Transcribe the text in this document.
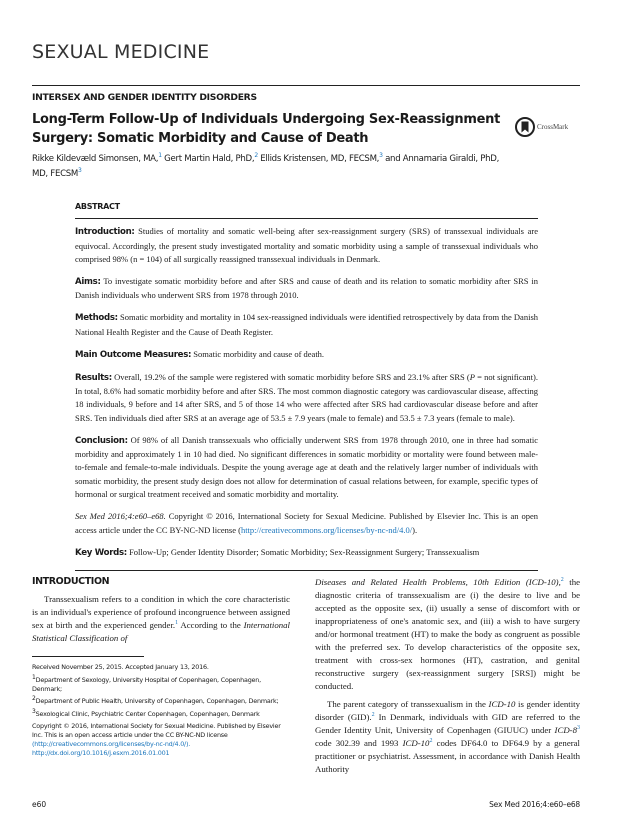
SEXUAL MEDICINE
INTERSEX AND GENDER IDENTITY DISORDERS
Long-Term Follow-Up of Individuals Undergoing Sex-Reassignment
Surgery: Somatic Morbidity and Cause of Death
CrossMark
Rikke Kildevæld Simonsen, MA,$^1$ Gert Martin Hald, PhD,$^2$ Ellids Kristensen, MD, FECSM,$^3$ and Annamaria Giraldi, PhD, MD, FECSM$^3$
ABSTRACT

Introduction: Studies of mortality and somatic well-being after sex-reassignment surgery (SRS) of transsexual individuals are equivocal. Accordingly, the present study investigated mortality and somatic morbidity using a sample of transsexual individuals who comprised 98% (n = 104) of all surgically reassigned transsexual individuals in Denmark.

Aims: To investigate somatic morbidity before and after SRS and cause of death and its relation to somatic morbidity after SRS in Danish individuals who underwent SRS from 1978 through 2010.

Methods: Somatic morbidity and mortality in 104 sex-reassigned individuals were identified retrospectively by data from the Danish National Health Register and the Cause of Death Register.

Main Outcome Measures: Somatic morbidity and cause of death.

Results: Overall, 19.2% of the sample were registered with somatic morbidity before SRS and 23.1% after SRS (P = not significant). In total, 8.6% had somatic morbidity before and after SRS. The most common diagnostic category was cardiovascular disease, affecting 18 individuals, 9 before and 14 after SRS, and 5 of those 14 who were affected after SRS had cardiovascular disease before and after SRS. Ten individuals died after SRS at an average age of 53.5 ± 7.9 years (male to female) and 53.5 ± 7.3 years (female to male).

Conclusion: Of 98% of all Danish transsexuals who officially underwent SRS from 1978 through 2010, one in three had somatic morbidity and approximately 1 in 10 had died. No significant differences in somatic morbidity or mortality were found between male-to-female and female-to-male individuals. Despite the young average age at death and the relatively larger number of individuals with somatic morbidity, the present study design does not allow for determination of casual relations between, for example, specific types of hormonal or surgical treatment received and somatic morbidity and mortality.

Sex Med 2016;4:e60–e68. Copyright © 2016, International Society for Sexual Medicine. Published by Elsevier Inc. This is an open access article under the CC BY-NC-ND license (http://creativecommons.org/licenses/by-nc-nd/4.0/).

Key Words: Follow-Up; Gender Identity Disorder; Somatic Morbidity; Sex-Reassignment Surgery; Transsexualism

INTRODUCTION

Transsexualism refers to a condition in which the core characteristic is an individual's experience of profound incongruence between assigned sex at birth and the experienced gender.$^1$ According to the International Statistical Classification of

Received November 25, 2015. Accepted January 13, 2016.

$^1$Department of Sexology, University Hospital of Copenhagen, Copenhagen, Denmark;

$^2$Department of Public Health, University of Copenhagen, Copenhagen, Denmark;

$^3$Sexological Clinic, Psychiatric Center Copenhagen, Copenhagen, Denmark

Copyright © 2016, International Society for Sexual Medicine. Published by Elsevier Inc. This is an open access article under the CC BY-NC-ND license
(http://creativecommons.org/licenses/by-nc-nd/4.0/).
http://dx.doi.org/10.1016/j.esxm.2016.01.001

Diseases and Related Health Problems, 10th Edition (ICD-10),$^2$ the diagnostic criteria of transsexualism are (i) the desire to live and be accepted as the opposite sex, (ii) usually a sense of discomfort with or inappropriateness of one's anatomic sex, and (iii) a wish to have surgery and/or hormonal treatment (HT) to make the body as congruent as possible with the preferred sex. To develop characteristics of the opposite sex, treatment with cross-sex hormones (HT), castration, and genital reconstructive surgery (sex-reassignment surgery [SRS]) might be conducted.

The parent category of transsexualism in the ICD-10 is gender identity disorder (GID).$^2$ In Denmark, individuals with GID are referred to the Gender Identity Unit, University of Copenhagen (GIUUC) under ICD-$8^3$ code 302.39 and 1993 ICD-$10^2$ codes DF64.0 to DF64.9 by a general practitioner or psychiatrist. Assessment, in accordance with Danish Health Authority

e60	Sex Med 2016;4:e60–e68
